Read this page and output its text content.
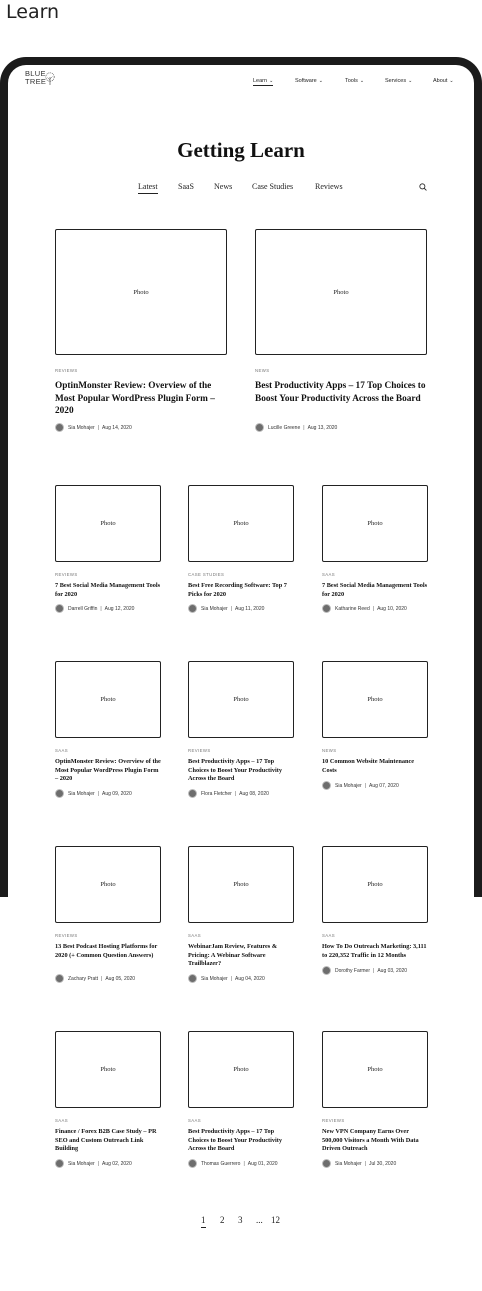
Learn
BLUE
TREE	Learn ⌄	Software ⌄	Tools ⌄	Services ⌄	About ⌄
Getting Learn
Latest	SaaS	News Case Studies	Reviews
Photo
REVIEWS
OptinMonster Review: Overview of the Most Popular WordPress Plugin Form – 2020
Sia Mohajer | Aug 14, 2020
Photo
NEWS
Best Productivity Apps – 17 Top Choices to Boost Your Productivity Across the Board
Lucille Greene | Aug 13, 2020
Photo
REVIEWS
7 Best Social Media Management Tools for 2020
Darrell Griffin | Aug 12, 2020
Photo
CASE STUDIES
Best Free Recording Software: Top 7 Picks for 2020
Sia Mohajer | Aug 11, 2020
Photo
SAAS
7 Best Social Media Management Tools for 2020
Katharine Reed | Aug 10, 2020
Photo
SAAS
OptinMonster Review: Overview of the Most Popular WordPress Plugin Form – 2020
Sia Mohajer | Aug 09, 2020
Photo
REVIEWS
Best Productivity Apps – 17 Top Choices to Boost Your Productivity Across the Board
Flora Fletcher | Aug 08, 2020
Photo
NEWS
10 Common Website Maintenance Costs
Sia Mohajer | Aug 07, 2020
Photo
REVIEWS
13 Best Podcast Hosting Platforms for 2020 (+ Common Question Answers)
Zachary Pratt | Aug 05, 2020
Photo
SAAS
WebinarJam Review, Features & Pricing: A Webinar Software Trailblazer?
Sia Mohajer | Aug 04, 2020
Photo
SAAS
How To Do Outreach Marketing: 3,111 to 220,352 Traffic in 12 Months
Dorothy Farmer | Aug 03, 2020
Photo
SAAS
Finance / Forex B2B Case Study – PR SEO and Custom Outreach Link Building
Sia Mohajer | Aug 02, 2020
Photo
SAAS
Best Productivity Apps – 17 Top Choices to Boost Your Productivity Across the Board
Thomas Guerrero | Aug 01, 2020
Photo
REVIEWS
New VPN Company Earns Over 500,000 Visitors a Month With Data Driven Outreach
Sia Mohajer | Jul 30, 2020
1 2 3 ... 12
